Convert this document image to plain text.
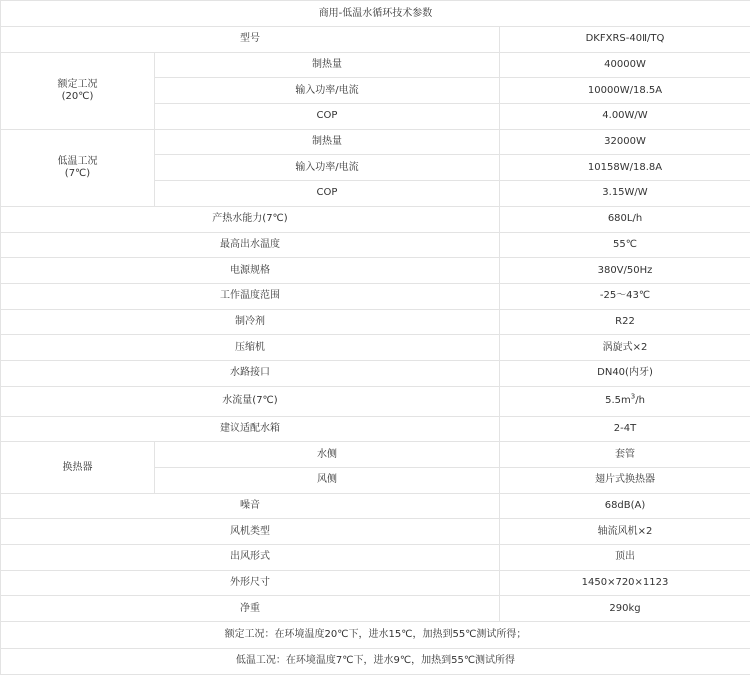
商用-低温水循环技术参数		
型号		DKFXRS-40Ⅱ/TQ

额定工况
(20℃)	制热量	40000W
	输入功率/电流	10000W/18.5A
	COP	4.00W/W

低温工况
(7℃)	制热量	32000W
	输入功率/电流	10158W/18.8A
	COP	3.15W/W
产热水能力(7℃)		680L/h
最高出水温度		55℃
电源规格		380V/50Hz
工作温度范围		-25～43℃
制冷剂		R22
压缩机		涡旋式×2
水路接口		DN40(内牙)
水流量(7℃)		$5.5m^3/h$
建议适配水箱		2-4T
换热器	水侧	套管
	风侧	翅片式换热器
噪音		68dB(A)
风机类型		轴流风机×2
出风形式		顶出
外形尺寸		1450×720×1123
净重		290kg
额定工况：在环境温度20℃下，进水15℃，加热到55℃测试所得；		
低温工况：在环境温度7℃下，进水9℃，加热到55℃测试所得		
